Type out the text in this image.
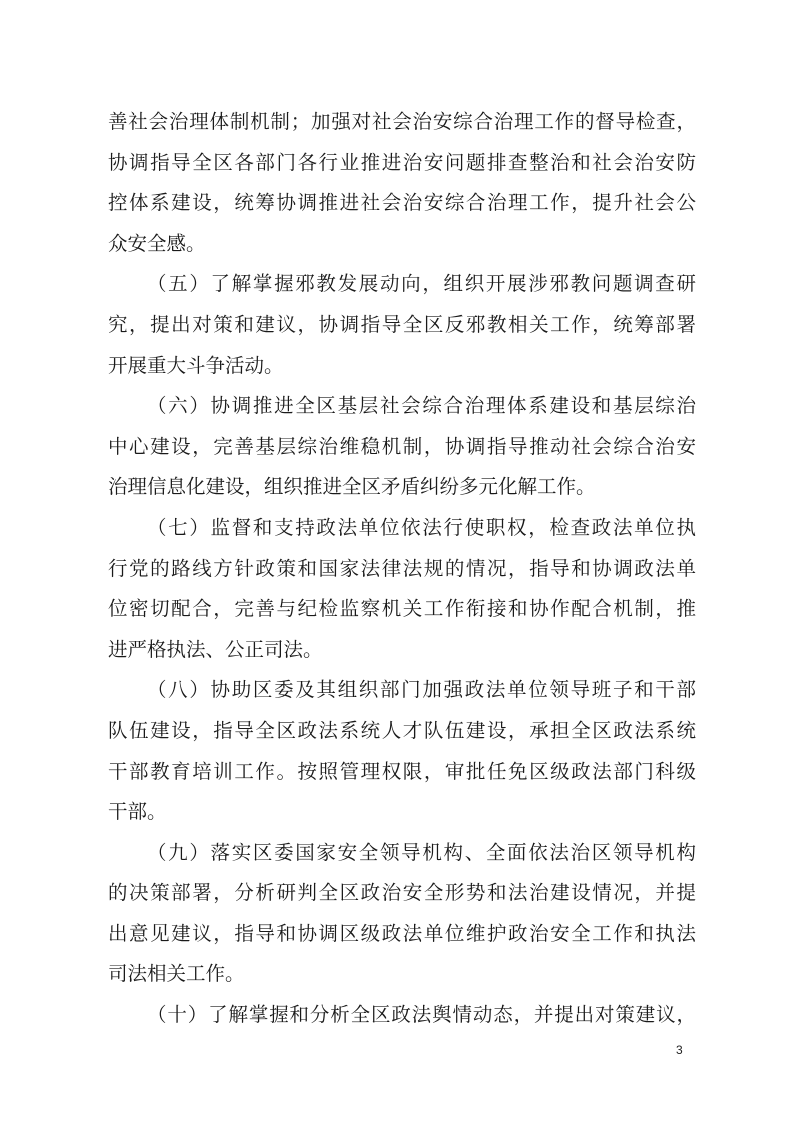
善社会治理体制机制；加强对社会治安综合治理工作的督导检查，
协调指导全区各部门各行业推进治安问题排查整治和社会治安防
控体系建设，统筹协调推进社会治安综合治理工作，提升社会公
众安全感。
（五）了解掌握邪教发展动向，组织开展涉邪教问题调查研
究，提出对策和建议，协调指导全区反邪教相关工作，统筹部署
开展重大斗争活动。
（六）协调推进全区基层社会综合治理体系建设和基层综治
中心建设，完善基层综治维稳机制，协调指导推动社会综合治安
治理信息化建设，组织推进全区矛盾纠纷多元化解工作。
（七）监督和支持政法单位依法行使职权，检查政法单位执
行党的路线方针政策和国家法律法规的情况，指导和协调政法单
位密切配合，完善与纪检监察机关工作衔接和协作配合机制，推
进严格执法、公正司法。
（八）协助区委及其组织部门加强政法单位领导班子和干部
队伍建设，指导全区政法系统人才队伍建设，承担全区政法系统
干部教育培训工作。按照管理权限，审批任免区级政法部门科级
干部。
（九）落实区委国家安全领导机构、全面依法治区领导机构
的决策部署，分析研判全区政治安全形势和法治建设情况，并提
出意见建议，指导和协调区级政法单位维护政治安全工作和执法
司法相关工作。
（十）了解掌握和分析全区政法舆情动态，并提出对策建议，
3
